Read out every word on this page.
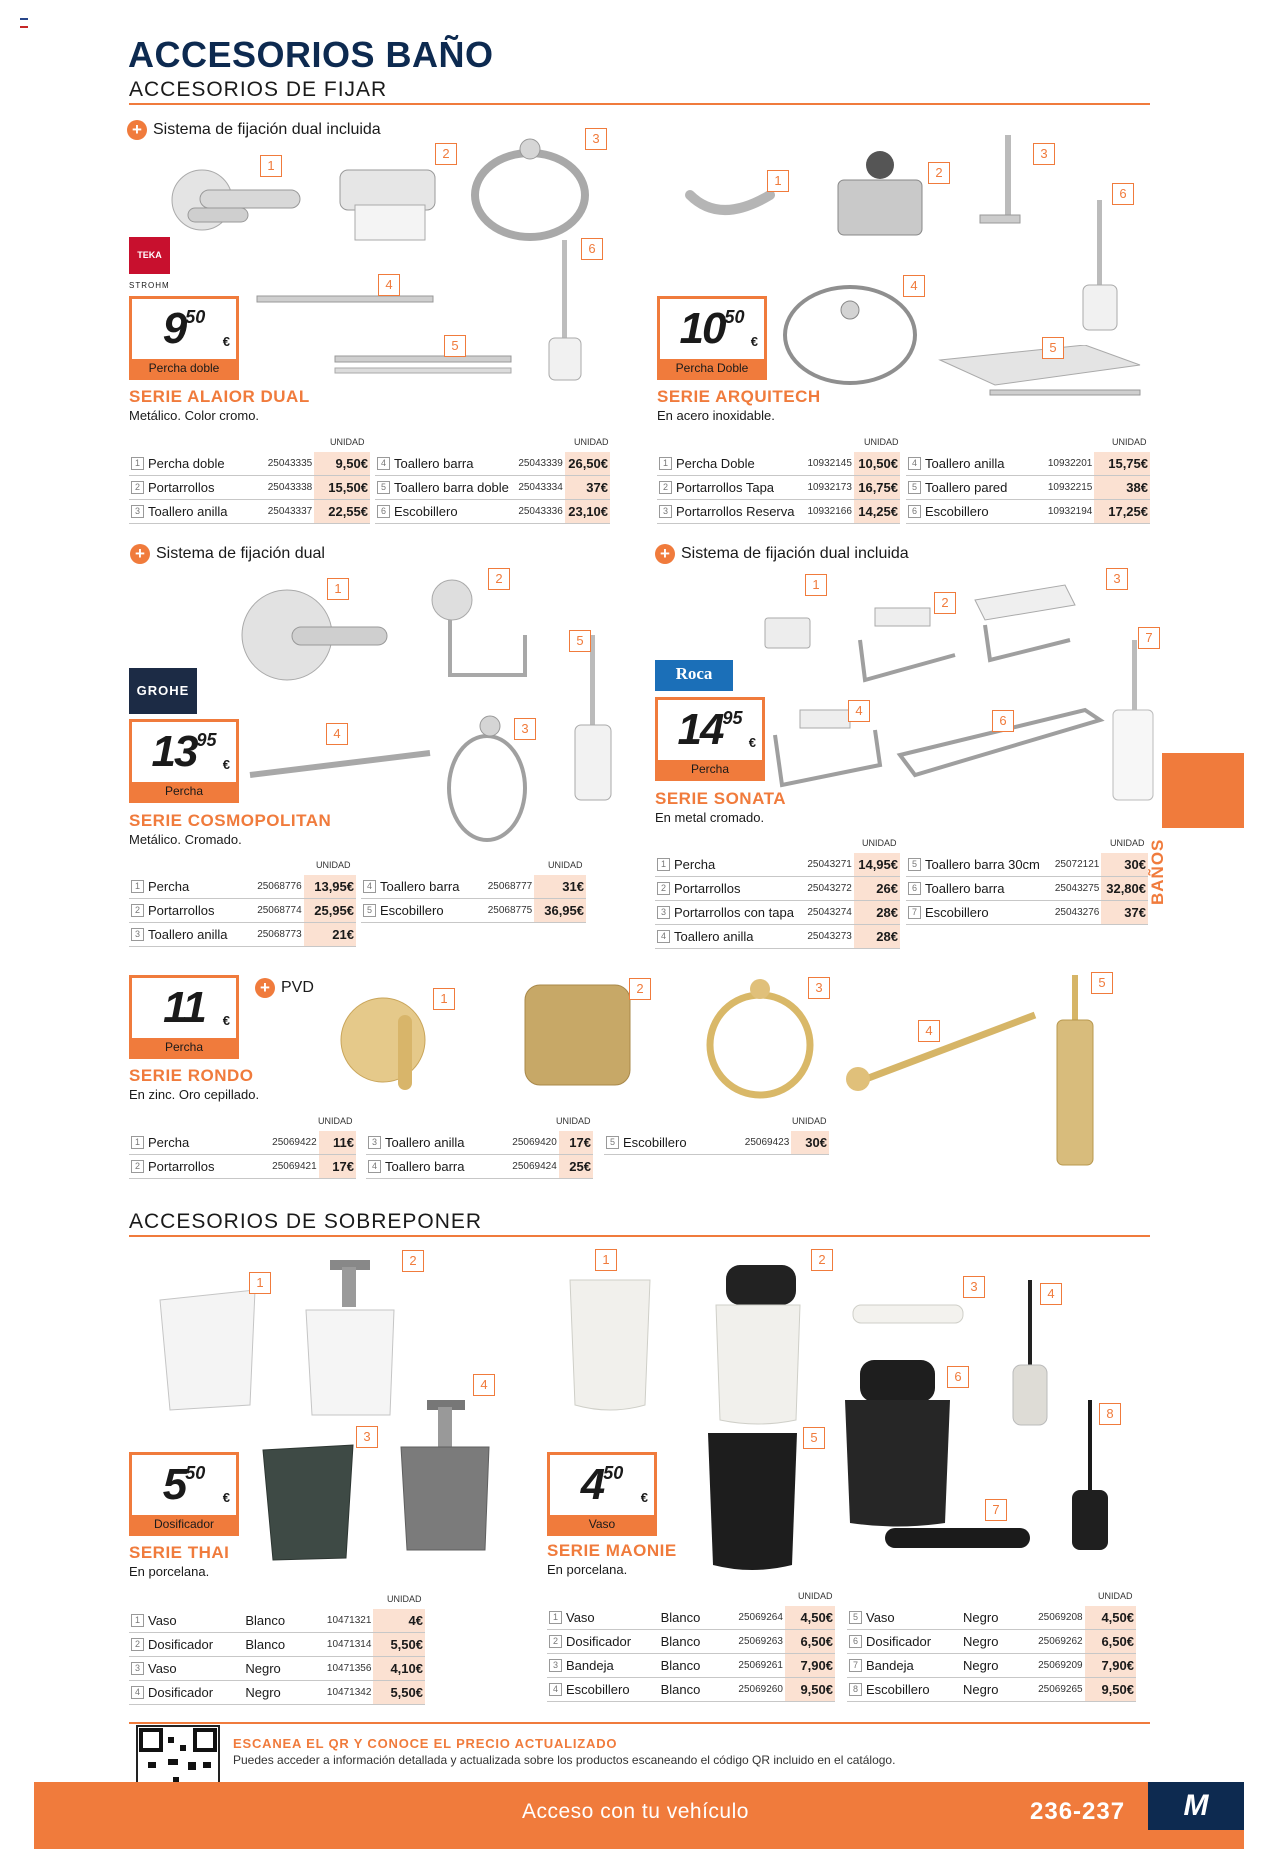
ACCESORIOS BAÑO
ACCESORIOS DE FIJAR
BAÑOS
+ Sistema de fijación dual incluida
TEKA
STROHM
$9^{50}$
€
Percha doble
SERIE ALAIOR DUAL
Metálico. Color cromo.
1
2
3
4
5
6
UNIDAD	UNIDAD
1	Percha doble	25043335	9,50€
2	Portarrollos	25043338	15,50€
3	Toallero anilla	25043337	22,55€
4	Toallero barra	25043339	26,50€
5	Toallero barra doble	25043334	37€
6	Escobillero	25043336	23,10€
$10^{50}$
€
Percha Doble
SERIE ARQUITECH
En acero inoxidable.
1
2
3
4
5
6
UNIDAD	UNIDAD
1	Percha Doble	10932145	10,50€
2	Portarrollos Tapa	10932173	16,75€
3	Portarrollos Reserva	10932166	14,25€
4	Toallero anilla	10932201	15,75€
5	Toallero pared	10932215	38€
6	Escobillero	10932194	17,25€
+ Sistema de fijación dual
GROHE
$13^{95}$
€
Percha
SERIE COSMOPOLITAN
Metálico. Cromado.
1
2
5
4	3
UNIDAD	UNIDAD
1	Percha	25068776	13,95€
2	Portarrollos	25068774	25,95€
3	Toallero anilla	25068773	21€
4	Toallero barra	25068777	31€
5	Escobillero	25068775	36,95€
+ Sistema de fijación dual incluida
Roca
$14^{95}$
€
Percha
SERIE SONATA
En metal cromado.
1
2
3
7
4
6
UNIDAD	UNIDAD
1	Percha	25043271	14,95€
2	Portarrollos	25043272	26€
3	Portarrollos con tapa	25043274	28€
4	Toallero anilla	25043273	28€
5	Toallero barra 30cm	25072121	30€
6	Toallero barra	25043275	32,80€
7	Escobillero	25043276	37€
11 €
Percha
+ PVD
SERIE RONDO
En zinc. Oro cepillado.
1
2	3
4
5
UNIDAD	UNIDAD	UNIDAD
1	Percha	25069422	11€
2	Portarrollos	25069421	17€
3	Toallero anilla	25069420	17€
4	Toallero barra	25069424	25€
5	Escobillero	25069423	30€
ACCESORIOS DE SOBREPONER
1
2
3
4
$5^{50}$
€
Dosificador
SERIE THAI
En porcelana.
UNIDAD
1	Vaso	Blanco	10471321	4€
2	Dosificador	Blanco	10471314	5,50€
3	Vaso	Negro	10471356	4,10€
4	Dosificador	Negro	10471342	5,50€
1	2
3	4
5
6
7
8
$4^{50}$
€
Vaso
SERIE MAONIE
En porcelana.
UNIDAD	UNIDAD
1	Vaso	Blanco	25069264	4,50€
2	Dosificador	Blanco	25069263	6,50€
3	Bandeja	Blanco	25069261	7,90€
4	Escobillero	Blanco	25069260	9,50€
5	Vaso	Negro	25069208	4,50€
6	Dosificador	Negro	25069262	6,50€
7	Bandeja	Negro	25069209	7,90€
8	Escobillero	Negro	25069265	9,50€
ESCANEA EL QR Y CONOCE EL PRECIO ACTUALIZADO
Puedes acceder a información detallada y actualizada sobre los productos escaneando el código QR incluido en el catálogo.
Acceso con tu vehículo	236-237	M
